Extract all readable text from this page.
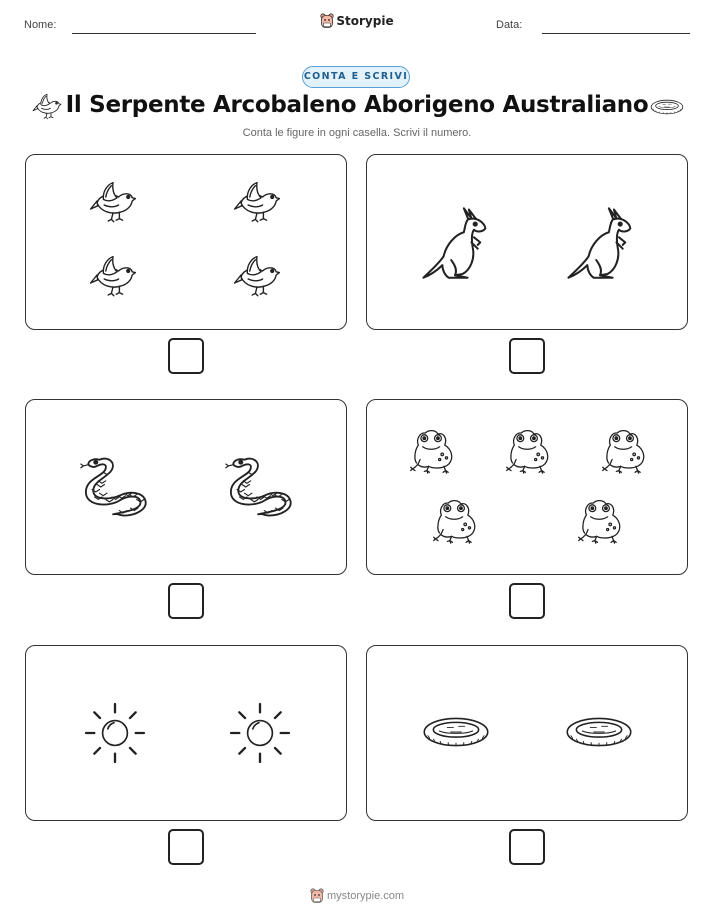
Nome:	Storypie	Data:
CONTA E SCRIVI
Il Serpente Arcobaleno Aborigeno Australiano
Conta le figure in ogni casella. Scrivi il numero.
mystorypie.com
